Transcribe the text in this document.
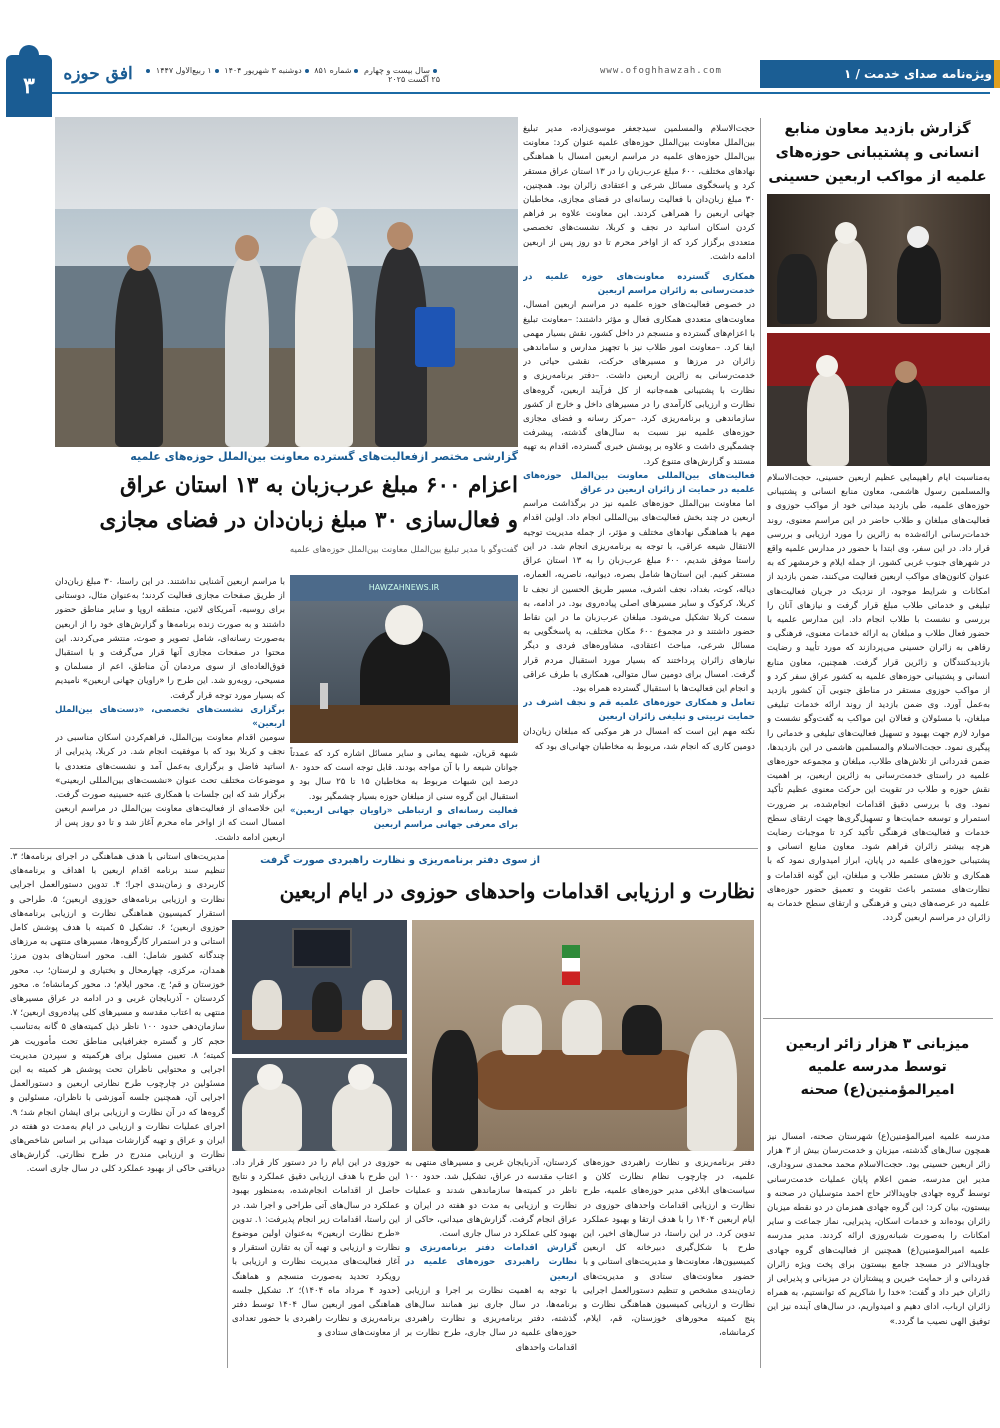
۳	افق حوزه	سال بیست و چهارم شماره ۸۵۱ دوشنبه ۳ شهریور ۱۴۰۴ ۱ ربیع‌الاول ۱۴۴۷ ۲۵ آگست ۲۰۲۵
www.ofoghhawzah.com	ویژه‌نامه صدای خدمت / ۱
گزارش بازدید معاون منابع انسانی و پشتیبانی حوزه‌های علمیه از مواکب اربعین حسینی
به‌مناسبت ایام راهپیمایی عظیم اربعین حسینی، حجت‌الاسلام والمسلمین رسول هاشمی، معاون منابع انسانی و پشتیبانی حوزه‌های علمیه، طی بازدید میدانی خود از مواکب حوزوی و فعالیت‌های مبلغان و طلاب حاضر در این مراسم معنوی، روند خدمات‌رسانی ارائه‌شده به زائرین را مورد ارزیابی و بررسی قرار داد. در این سفر، وی ابتدا با حضور در مدارس علمیه واقع در شهرهای جنوب غربی کشور، از جمله ایلام و خرمشهر که به عنوان کانون‌های مواکب اربعین فعالیت می‌کنند، ضمن بازدید از امکانات و شرایط موجود، از نزدیک در جریان فعالیت‌های تبلیغی و خدماتی طلاب مبلغ قرار گرفت و نیازهای آنان را بررسی و نشست با طلاب انجام داد. این مدارس علمیه با حضور فعال طلاب و مبلغان به ارائه خدمات معنوی، فرهنگی و رفاهی به زائران حسینی می‌پردازند که مورد تأیید و رضایت بازدیدکنندگان و زائرین قرار گرفت. همچنین، معاون منابع انسانی و پشتیبانی حوزه‌های علمیه به کشور عراق سفر کرد و از مواکب حوزوی مستقر در مناطق جنوبی آن کشور بازدید به‌عمل آورد. وی ضمن بازدید از روند ارائه خدمات تبلیغی مبلغان، با مسئولان و فعالان این مواکب به گفت‌وگو نشست و موارد لازم جهت بهبود و تسهیل فعالیت‌های تبلیغی و خدماتی را پیگیری نمود. حجت‌الاسلام والمسلمین هاشمی در این بازدیدها، ضمن قدردانی از تلاش‌های طلاب، مبلغان و مجموعه حوزه‌های علمیه در راستای خدمت‌رسانی به زائرین اربعین، بر اهمیت نقش حوزه و طلاب در تقویت این حرکت معنوی عظیم تأکید نمود. وی با بررسی دقیق اقدامات انجام‌شده، بر ضرورت استمرار و توسعه حمایت‌ها و تسهیل‌گری‌ها جهت ارتقای سطح خدمات و فعالیت‌های فرهنگی تأکید کرد تا موجبات رضایت هرچه بیشتر زائران فراهم شود. معاون منابع انسانی و پشتیبانی حوزه‌های علمیه در پایان، ابراز امیدواری نمود که با همکاری و تلاش مستمر طلاب و مبلغان، این گونه اقدامات و نظارت‌های مستمر باعث تقویت و تعمیق حضور حوزه‌های علمیه در عرصه‌های دینی و فرهنگی و ارتقای سطح خدمات به زائران در مراسم اربعین گردد.
میزبانی ۳ هزار زائر اربعین توسط مدرسه علمیه امیرالمؤمنین(ع) صحنه
مدرسه علمیه امیرالمؤمنین(ع) شهرستان صحنه، امسال نیز همچون سال‌های گذشته، میزبان و خدمت‌رسان بیش از ۳ هزار زائر اربعین حسینی بود. حجت‌الاسلام محمد محمدی سروداری، مدیر این مدرسه، ضمن اعلام پایان عملیات خدمت‌رسانی توسط گروه جهادی جاویدالاثر حاج احمد متوسلیان در صحنه و بیستون، بیان کرد: این گروه جهادی همزمان در دو نقطه میزبان زائران بوده‌اند و خدمات اسکان، پذیرایی، نماز جماعت و سایر امکانات را به‌صورت شبانه‌روزی ارائه کردند. مدیر مدرسه علمیه امیرالمؤمنین(ع) همچنین از فعالیت‌های گروه جهادی جاویدالاثر در مسجد جامع بیستون برای پخت ویژه زائران قدردانی و از حمایت خیرین و پیشتازان در میزبانی و پذیرایی از زائران خیر داد و گفت: «خدا را شاکریم که توانستیم، به همراه زائران ارباب، ادای دهیم و امیدواریم، در سال‌های آینده نیز این توفیق الهی نصیب ما گردد.»

حجت‌الاسلام والمسلمین سیدجعفر موسوی‌زاده، مدیر تبلیغ بین‌الملل معاونت بین‌الملل حوزه‌های علمیه عنوان کرد: معاونت بین‌الملل حوزه‌های علمیه در مراسم اربعین امسال با هماهنگی نهادهای مختلف، ۶۰۰ مبلغ عرب‌زبان را در ۱۳ استان عراق مستقر کرد و پاسخگوی مسائل شرعی و اعتقادی زائران بود. همچنین، ۳۰ مبلغ زبان‌دان با فعالیت رسانه‌ای در فضای مجازی، مخاطبان جهانی اربعین را همراهی کردند. این معاونت علاوه بر فراهم کردن اسکان اساتید در نجف و کربلا، نشست‌های تخصصی متعددی برگزار کرد که از اواخر محرم تا دو روز پس از اربعین ادامه داشت.

همکاری گسترده معاونت‌های حوزه علمیه در خدمت‌رسانی به زائران مراسم اربعین

در خصوص فعالیت‌های حوزه علمیه در مراسم اربعین امسال، معاونت‌های متعددی همکاری فعال و مؤثر داشتند: –معاونت تبلیغ با اعزام‌های گسترده و منسجم در داخل کشور، نقش بسیار مهمی ایفا کرد. –معاونت امور طلاب نیز با تجهیز مدارس و ساماندهی زائران در مرزها و مسیرهای حرکت، نقشی حیاتی در خدمت‌رسانی به زائرین اربعین داشت. –دفتر برنامه‌ریزی و نظارت با پشتیبانی همه‌جانبه از کل فرآیند اربعین، گروه‌های نظارت و ارزیابی کارآمدی را در مسیرهای داخل و خارج از کشور سازماندهی و برنامه‌ریزی کرد. –مرکز رسانه و فضای مجازی حوزه‌های علمیه نیز نسبت به سال‌های گذشته، پیشرفت چشمگیری داشت و علاوه بر پوشش خبری گسترده، اقدام به تهیه مستند و گزارش‌های متنوع کرد.

فعالیت‌های بین‌المللی معاونت بین‌الملل حوزه‌های علمیه در حمایت از زائران اربعین در عراق

اما معاونت بین‌الملل حوزه‌های علمیه نیز در برگذاشت مراسم اربعین در چند بخش فعالیت‌های بین‌المللی انجام داد. اولین اقدام مهم با هماهنگی نهادهای مختلف و مؤثر، از جمله مدیریت توجیه الانتقال شیعه عراقی، با توجه به برنامه‌ریزی انجام شد. در این راستا موفق شدیم، ۶۰۰ مبلغ عرب‌زبان را به ۱۳ استان عراق مستقر کنیم. این استان‌ها شامل بصره، دیوانیه، ناصریه، العماره، دیاله، کوت، بغداد، نجف اشرف، مسیر طریق الحسین از نجف تا کربلا، کرکوک و سایر مسیرهای اصلی پیاده‌روی بود. در ادامه، به سمت کربلا تشکیل می‌شود. مبلغان عرب‌زبان ما در این نقاط حضور داشتند و در مجموع ۶۰۰ مکان مختلف، به پاسخگویی به مسائل شرعی، مباحث اعتقادی، مشاوره‌های فردی و دیگر نیازهای زائران پرداختند که بسیار مورد استقبال مردم قرار گرفت. امسال برای دومین سال متوالی، همکاری با طرف عراقی و انجام این فعالیت‌ها با استقبال گسترده همراه بود.

تعامل و همکاری حوزه‌های علمیه قم و نجف اشرف در حمایت تربیتی و تبلیغی زائران اربعین

نکته مهم این است که امسال در هر موکبی که مبلغان زبان‌دان

گزارشی مختصر ازفعالیت‌های گسترده معاونت بین‌الملل حوزه‌های علمیه
اعزام ۶۰۰ مبلغ عرب‌زبان به ۱۳ استان عراق
و فعال‌سازی ۳۰ مبلغ زبان‌دان در فضای مجازی
گفت‌وگو با مدیر تبلیغ بین‌الملل معاونت بین‌الملل حوزه‌های علمیه
HAWZAHNEWS.IR

با مراسم اربعین آشنایی نداشتند. در این راستا، ۳۰ مبلغ زبان‌دان از طریق صفحات مجازی فعالیت کردند؛ به‌عنوان مثال، دوستانی برای روسیه، آمریکای لاتین، منطقه اروپا و سایر مناطق حضور داشتند و به صورت زنده برنامه‌ها و گزارش‌های خود را از اربعین به‌صورت رسانه‌ای، شامل تصویر و صوت، منتشر می‌کردند. این محتوا در صفحات مجازی آنها قرار می‌گرفت و با استقبال فوق‌العاده‌ای از سوی مردمان آن مناطق، اعم از مسلمان و مسیحی، روبه‌رو شد. این طرح را «راویان جهانی اربعین» نامیدیم که بسیار مورد توجه قرار گرفت.

برگزاری نشست‌های تخصصی، «دست‌های بین‌الملل اربعین»

سومین اقدام معاونت بین‌الملل، فراهم‌کردن اسکان مناسبی در نجف و کربلا بود که با موفقیت انجام شد. در کربلا، پذیرایی از اساتید فاضل و برگزاری به‌عمل آمد و نشست‌های متعددی با موضوعات مختلف تحت عنوان «نشست‌های بین‌المللی اربعینی» برگزار شد که این جلسات با همکاری عتبه حسینیه صورت گرفت. این خلاصه‌ای از فعالیت‌های معاونت بین‌الملل در مراسم اربعین امسال است که از اواخر ماه محرم آغاز شد و تا دو روز پس از اربعین ادامه داشت.

شبهه قربان، شبهه یمانی و سایر مسائل اشاره کرد که عمدتاً جوانان شیعه را با آن مواجه بودند. قابل توجه است که حدود ۸۰ درصد این شبهات مربوط به مخاطبان ۱۵ تا ۲۵ سال بود و استقبال این گروه سنی از مبلغان حوزه بسیار چشمگیر بود.

فعالیت رسانه‌ای و ارتباطی «راویان جهانی اربعین» برای معرفی جهانی مراسم اربعین

دومین کاری که انجام شد، مربوط به مخاطبان جهانی‌ای بود که

از سوی دفتر برنامه‌ریزی و نظارت راهبردی صورت گرفت
نظارت و ارزیابی اقدامات واحدهای حوزوی در ایام اربعین
مدیریت‌های استانی با هدف هماهنگی در اجرای برنامه‌ها؛ ۳. تنظیم سند برنامه اقدام اربعین با اهداف و برنامه‌های کاربردی و زمان‌بندی اجرا؛ ۴. تدوین دستورالعمل اجرایی نظارت و ارزیابی برنامه‌های حوزوی اربعین؛ ۵. طراحی و استقرار کمیسیون هماهنگی نظارت و ارزیابی برنامه‌های حوزوی اربعین؛ ۶. تشکیل ۵ کمیته با هدف پوشش کامل استانی و در استمرار کارگروه‌ها، مسیرهای منتهی به مرزهای چندگانه کشور شامل: الف. محور استان‌های بدون مرز: همدان، مرکزی، چهارمحال و بختیاری و لرستان؛ ب. محور خوزستان و قم؛ ج. محور ایلام؛ د. محور کرمانشاه؛ ه. محور کردستان - آذربایجان غربی و در ادامه در عراق مسیرهای منتهی به اعتاب مقدسه و مسیرهای کلی پیاده‌روی اربعین؛ ۷. سازمان‌دهی حدود ۱۰۰ ناظر ذیل کمیته‌های ۵ گانه به‌تناسب حجم کار و گستره جغرافیایی مناطق تحت مأموریت هر کمیته؛ ۸. تعیین مسئول برای هرکمیته و سپردن مدیریت اجرایی و محتوایی ناظران تحت پوشش هر کمیته به این مسئولین در چارچوب طرح نظارتی اربعین و دستورالعمل اجرایی آن، همچنین جلسه آموزشی با ناظران، مسئولین و گروه‌ها که در آن نظارت و ارزیابی برای ایشان انجام شد؛ ۹. اجرای عملیات نظارت و ارزیابی در ایام به‌مدت دو هفته در ایران و عراق و تهیه گزارشات میدانی بر اساس شاخص‌های نظارت و ارزیابی مندرج در طرح نظارتی. گزارش‌های دریافتی حاکی از بهبود عملکرد کلی در سال جاری است.
دفتر برنامه‌ریزی و نظارت راهبردی حوزه‌های علمیه، در چارچوب نظام نظارت کلان و سیاست‌های ابلاغی مدیر حوزه‌های علمیه، طرح نظارت و ارزیابی اقدامات واحدهای حوزوی در ایام اربعین ۱۴۰۴ را با هدف ارتقا و بهبود عملکرد تدوین کرد. در این راستا، در سال‌های اخیر، این طرح با شکل‌گیری دبیرخانه کل اربعین کمیسیون‌ها، معاونت‌ها و مدیریت‌های استانی و با حضور معاونت‌های ستادی و مدیریت‌های زمان‌بندی مشخص و تنظیم دستورالعمل اجرایی نظارت و ارزیابی کمیسیون هماهنگی نظارت و پنج کمیته محورهای خوزستان، قم، ایلام، کرمانشاه،

کردستان، آذربایجان غربی و مسیرهای منتهی به اعتاب مقدسه در عراق، تشکیل شد. حدود ۱۰۰ ناظر در کمیته‌ها سازماندهی شدند و عملیات نظارت و ارزیابی به مدت دو هفته در ایران و عراق انجام گرفت. گزارش‌های میدانی، حاکی از بهبود کلی عملکرد در سال جاری است.

گزارش اقدامات دفتر برنامه‌ریزی و نظارت راهبردی حوزه‌های علمیه در اربعین

با توجه به اهمیت نظارت بر اجرا و ارزیابی برنامه‌ها، در سال جاری نیز همانند سال‌های گذشته، دفتر برنامه‌ریزی و نظارت راهبردی حوزه‌های علمیه در سال جاری، طرح نظارت بر اقدامات واحدهای

حوزوی در این ایام را در دستور کار قرار داد. این طرح با هدف ارزیابی دقیق عملکرد و نتایج حاصل از اقدامات انجام‌شده، به‌منظور بهبود عملکرد در سال‌های آتی طراحی و اجرا شد. در این راستا، اقدامات زیر انجام پذیرفت: ۱. تدوین «طرح نظارت اربعین» به‌عنوان اولین موضوع نظارت و ارزیابی و تهیه آن به تقارن استقرار و آغاز فعالیت‌های مدیریت نظارت و ارزیابی با رویکرد تحدید به‌صورت منسجم و هماهنگ (حدود ۴ مرداد ماه ۱۴۰۴)؛ ۲. تشکیل جلسه هماهنگی امور اربعین سال ۱۴۰۴ توسط دفتر برنامه‌ریزی و نظارت راهبردی با حضور تعدادی از معاونت‌های ستادی و
